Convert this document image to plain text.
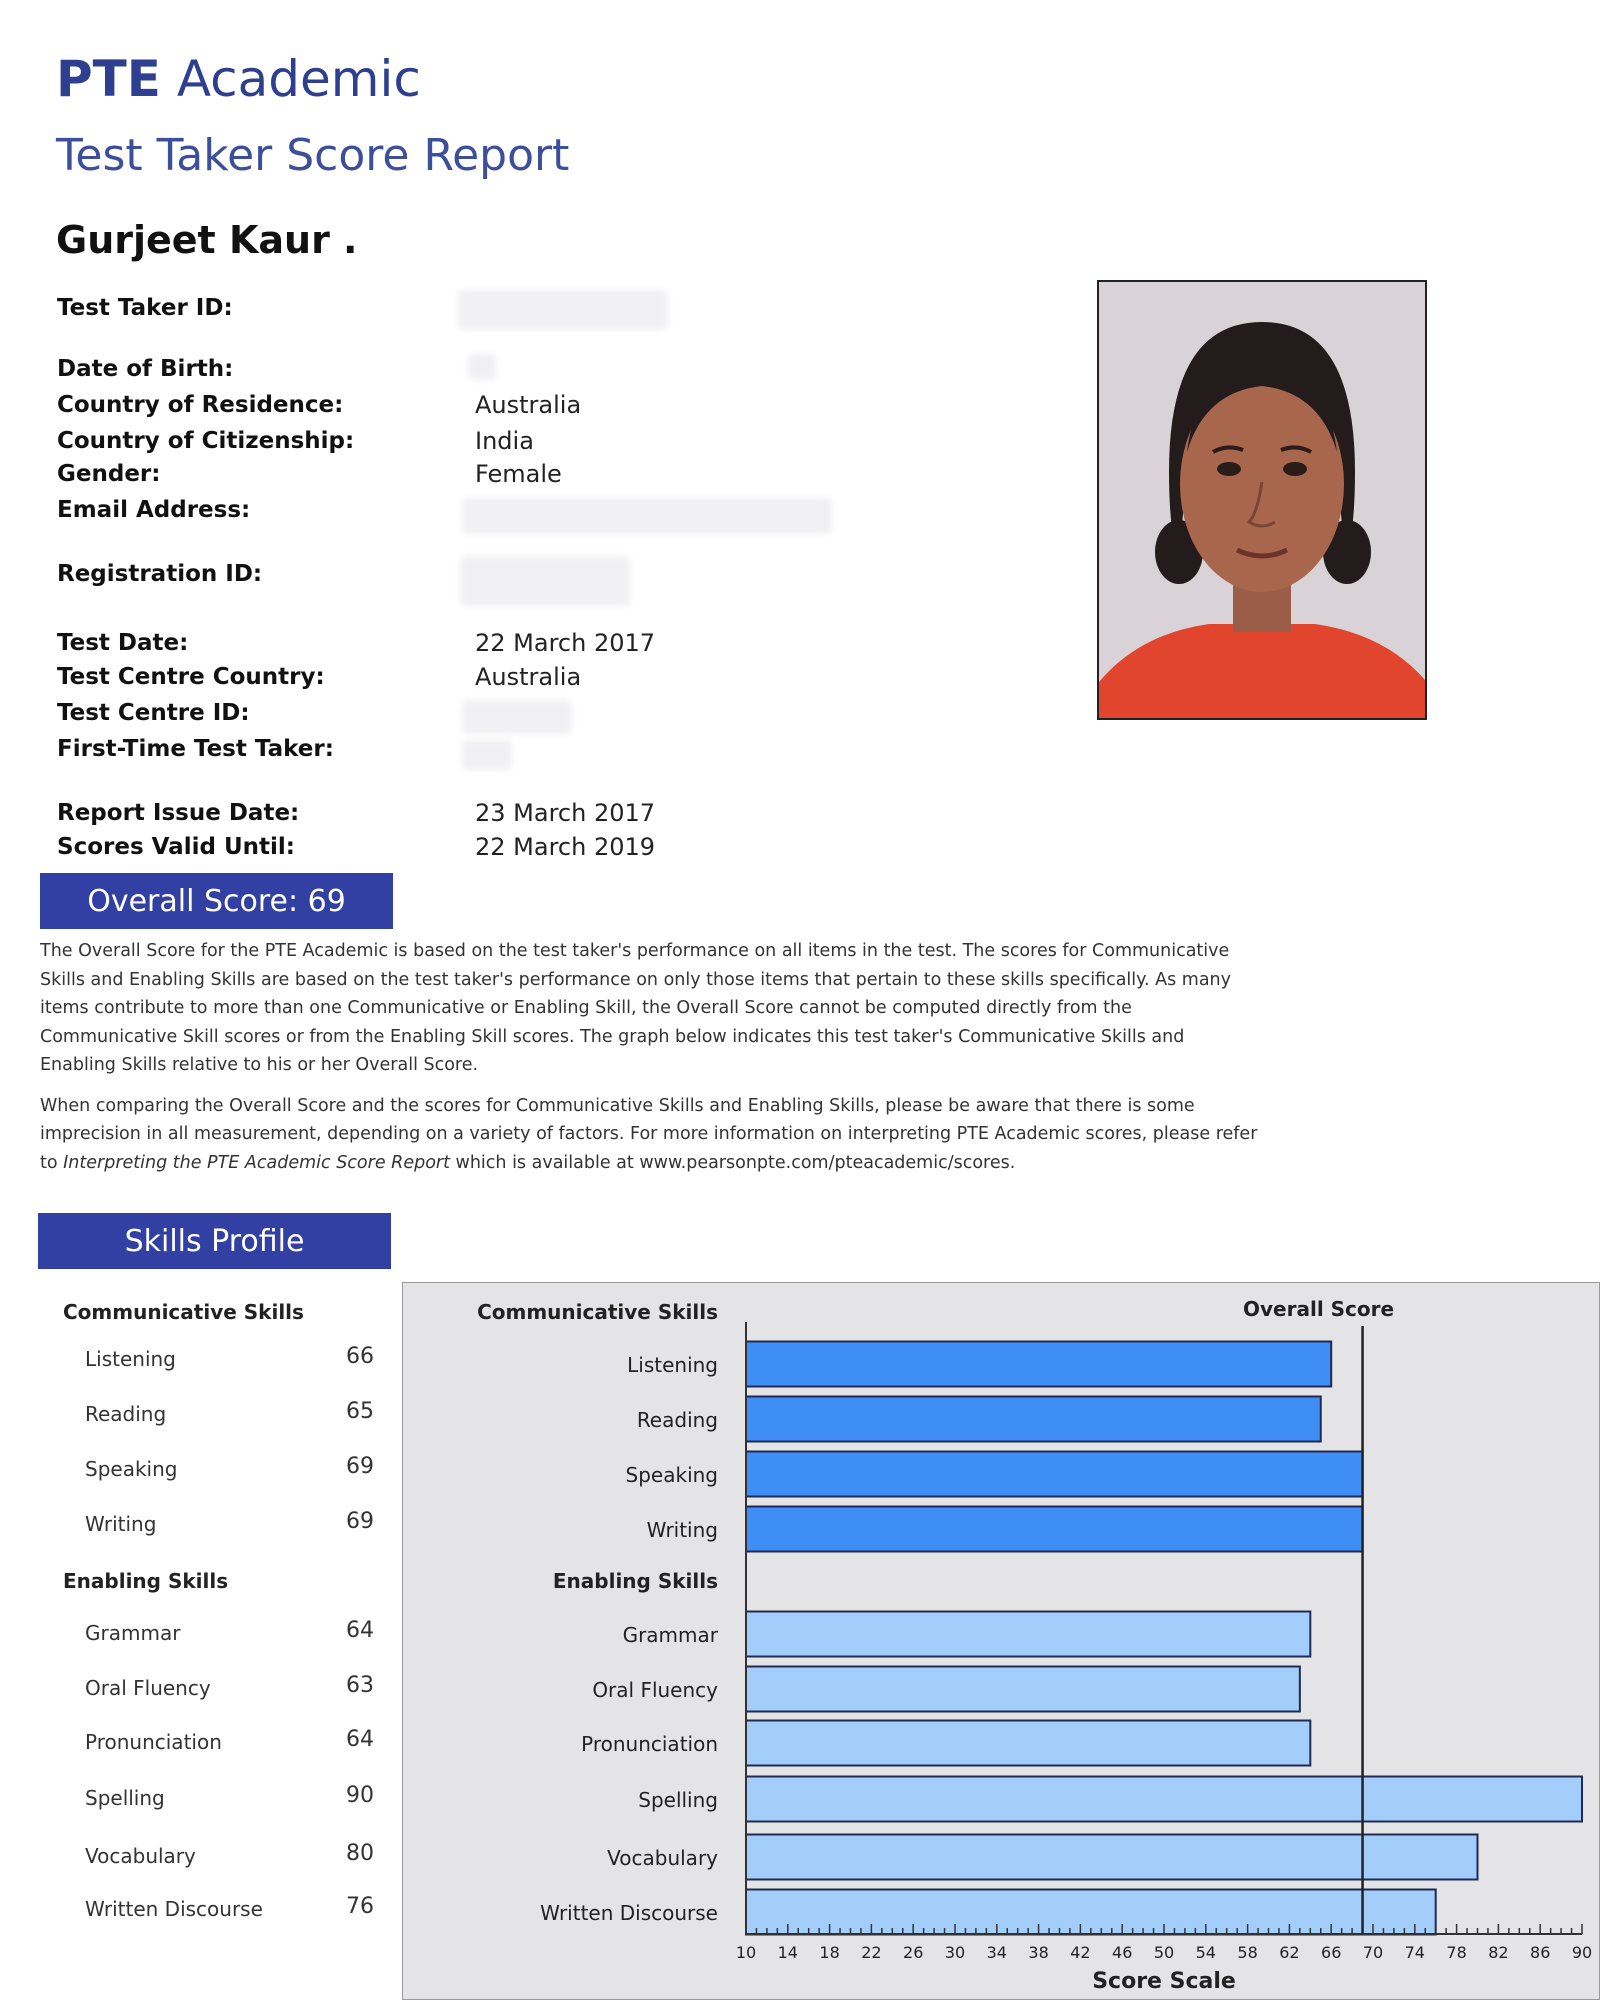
PTE Academic
Test Taker Score Report
Gurjeet Kaur .
Test Taker ID:
Date of Birth:
Country of Residence:	Australia
Country of Citizenship:	India
Gender:	Female
Email Address:
Registration ID:
Test Date:	22 March 2017
Test Centre Country:	Australia
Test Centre ID:
First-Time Test Taker:
Report Issue Date:	23 March 2017
Scores Valid Until:	22 March 2019
Overall Score: 69

The Overall Score for the PTE Academic is based on the test taker's performance on all items in the test. The scores for Communicative Skills and Enabling Skills are based on the test taker's performance on only those items that pertain to these skills specifically. As many items contribute to more than one Communicative or Enabling Skill, the Overall Score cannot be computed directly from the Communicative Skill scores or from the Enabling Skill scores. The graph below indicates this test taker's Communicative Skills and Enabling Skills relative to his or her Overall Score.

When comparing the Overall Score and the scores for Communicative Skills and Enabling Skills, please be aware that there is some imprecision in all measurement, depending on a variety of factors. For more information on interpreting PTE Academic scores, please refer to Interpreting the PTE Academic Score Report which is available at www.pearsonpte.com/pteacademic/scores.

Skills Profile
Communicative Skills
Listening	66
Reading	65
Speaking	69
Writing	69
Enabling Skills
Grammar	64
Oral Fluency	63
Pronunciation	64
Spelling	90
Vocabulary	80
Written Discourse	76
Communicative Skills
Enabling Skills
Listening
Reading
Speaking
Writing
Grammar
Oral Fluency
Pronunciation
Spelling
Vocabulary
Written Discourse
10 14 18 22 26 30 34 38 42 46 50 54 58 62 66 70 74 78 82 86 90
Score Scale
Overall Score
